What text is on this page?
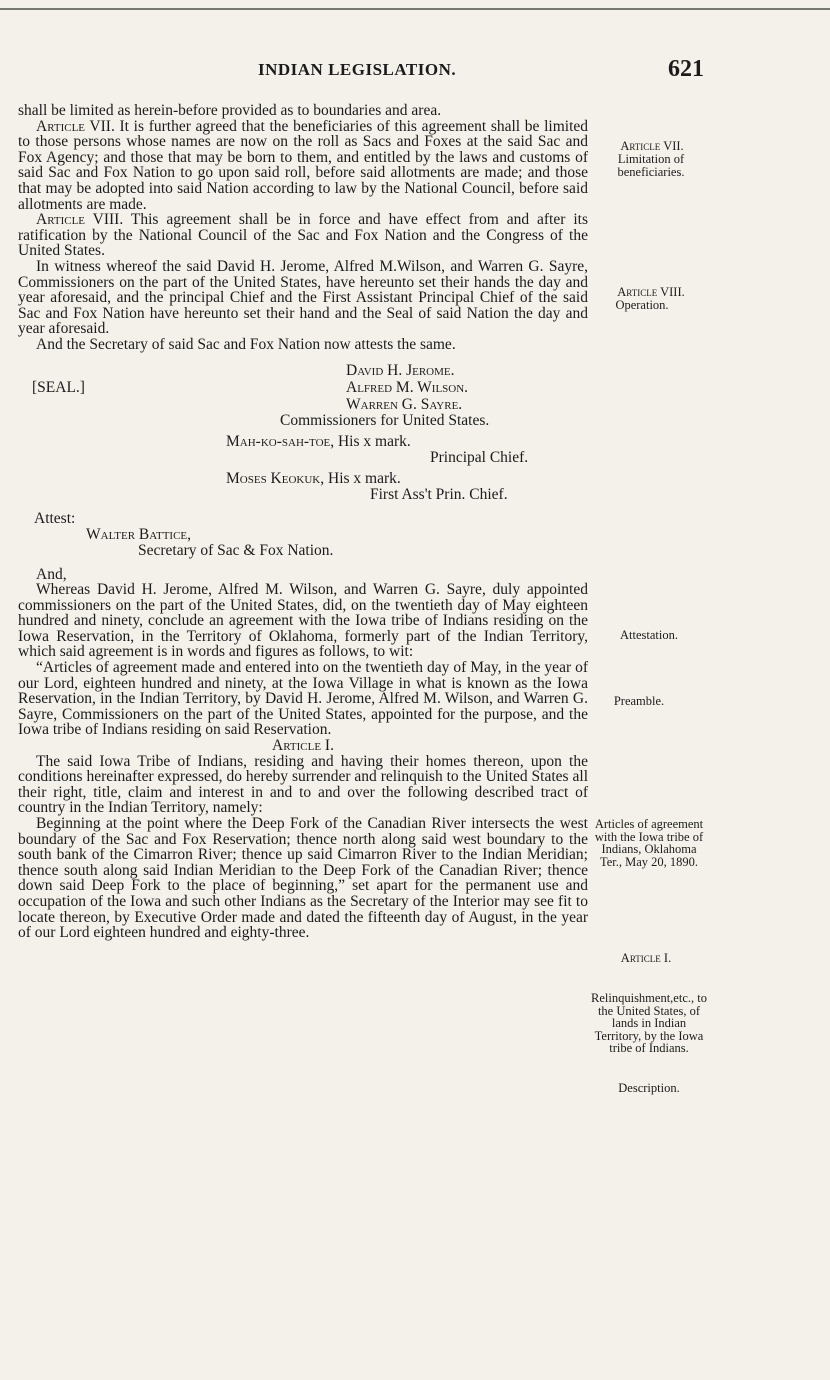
INDIAN LEGISLATION.	621

shall be limited as herein-before provided as to boundaries and area.

Article VII. It is further agreed that the beneficiaries of this agreement shall be limited to those persons whose names are now on the roll as Sacs and Foxes at the said Sac and Fox Agency; and those that may be born to them, and entitled by the laws and customs of said Sac and Fox Nation to go upon said roll, before said allotments are made; and those that may be adopted into said Nation according to law by the National Council, before said allotments are made.

Article VIII. This agreement shall be in force and have effect from and after its ratification by the National Council of the Sac and Fox Nation and the Congress of the United States.

In witness whereof the said David H. Jerome, Alfred M.Wilson, and Warren G. Sayre, Commissioners on the part of the United States, have hereunto set their hands the day and year aforesaid, and the principal Chief and the First Assistant Principal Chief of the said Sac and Fox Nation have hereunto set their hand and the Seal of said Nation the day and year aforesaid.

And the Secretary of said Sac and Fox Nation now attests the same.

David H. Jerome.
[SEAL.]	Alfred M. Wilson.
Warren G. Sayre.
Commissioners for United States.
Mah-ko-sah-toe, His x mark.
Principal Chief.
Moses Keokuk, His x mark.
First Ass't Prin. Chief.
Attest:
Walter Battice,
Secretary of Sac & Fox Nation.

And,

Whereas David H. Jerome, Alfred M. Wilson, and Warren G. Sayre, duly appointed commissioners on the part of the United States, did, on the twentieth day of May eighteen hundred and ninety, conclude an agreement with the Iowa tribe of Indians residing on the Iowa Reservation, in the Territory of Oklahoma, formerly part of the Indian Territory, which said agreement is in words and figures as follows, to wit:

“Articles of agreement made and entered into on the twentieth day of May, in the year of our Lord, eighteen hundred and ninety, at the Iowa Village in what is known as the Iowa Reservation, in the Indian Territory, by David H. Jerome, Alfred M. Wilson, and Warren G. Sayre, Commissioners on the part of the United States, appointed for the purpose, and the Iowa tribe of Indians residing on said Reservation.

Article I.

The said Iowa Tribe of Indians, residing and having their homes thereon, upon the conditions hereinafter expressed, do hereby surrender and relinquish to the United States all their right, title, claim and interest in and to and over the following described tract of country in the Indian Territory, namely:

Beginning at the point where the Deep Fork of the Canadian River intersects the west boundary of the Sac and Fox Reservation; thence north along said west boundary to the south bank of the Cimarron River; thence up said Cimarron River to the Indian Meridian; thence south along said Indian Meridian to the Deep Fork of the Canadian River; thence down said Deep Fork to the place of beginning,” set apart for the permanent use and occupation of the Iowa and such other Indians as the Secretary of the Interior may see fit to locate thereon, by Executive Order made and dated the fifteenth day of August, in the year of our Lord eighteen hundred and eighty-three.

Article VII.
Limitation of beneficiaries.
Article VIII.
Operation.
Attestation.
Preamble.
Articles of agreement with the Iowa tribe of Indians, Oklahoma Ter., May 20, 1890.
Article I.
Relinquishment,etc., to the United States, of lands in Indian Territory, by the Iowa tribe of Indians.
Description.
